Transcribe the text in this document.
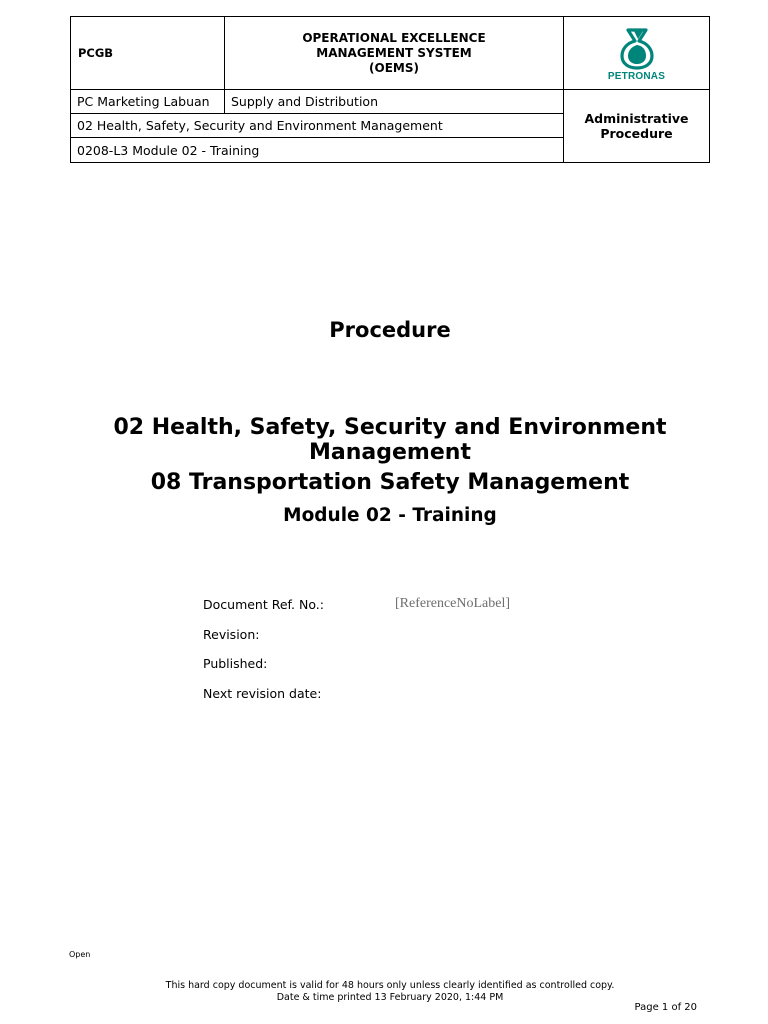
PCGB
OPERATIONAL EXCELLENCE
MANAGEMENT SYSTEM
(OEMS)
PETRONAS
PC Marketing Labuan	Supply and Distribution
02 Health, Safety, Security and Environment Management
0208-L3 Module 02 - Training
Administrative
Procedure
Procedure
02 Health, Safety, Security and Environment Management
08 Transportation Safety Management
Module 02 - Training
Document Ref. No.:	[ReferenceNoLabel]
Revision:
Published:
Next revision date:
Open
This hard copy document is valid for 48 hours only unless clearly identified as controlled copy.
Date & time printed 13 February 2020, 1:44 PM
Page 1 of 20
